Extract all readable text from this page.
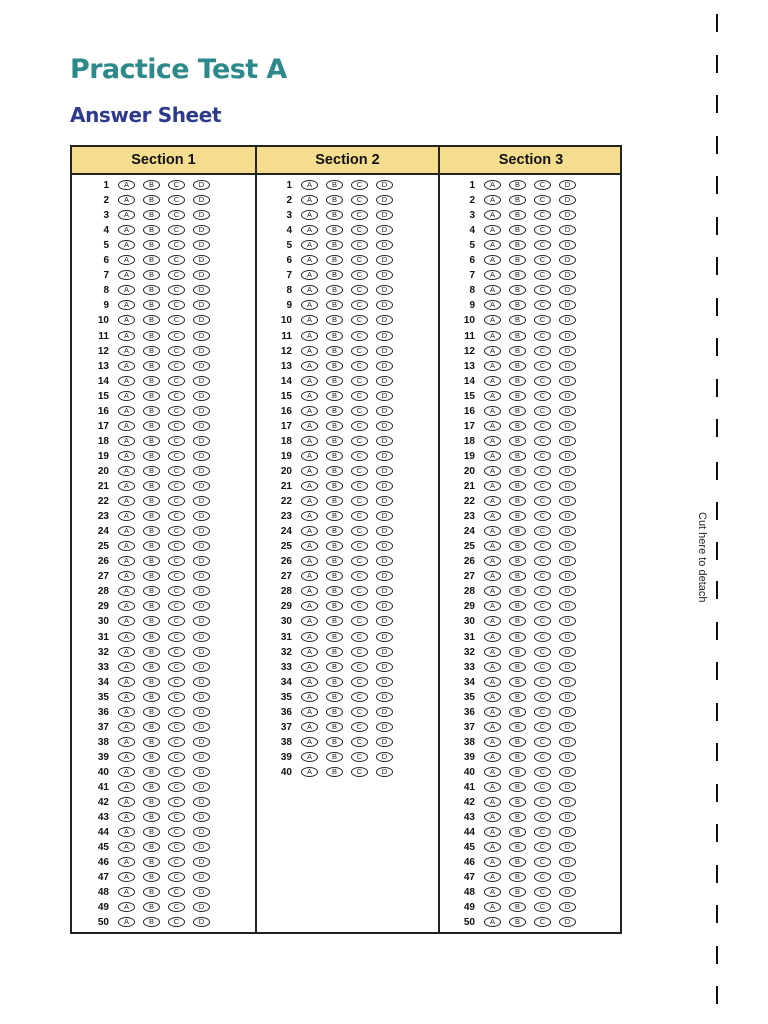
Practice Test A
Answer Sheet
Section 1	Section 2	Section 3
1	A	B	C	D
2	A	B	C	D
3	A	B	C	D
4	A	B	C	D
5	A	B	C	D
6	A	B	C	D
7	A	B	C	D
8	A	B	C	D
9	A	B	C	D
10	A	B	C	D
11	A	B	C	D
12	A	B	C	D
13	A	B	C	D
14	A	B	C	D
15	A	B	C	D
16	A	B	C	D
17	A	B	C	D
18	A	B	C	D
19	A	B	C	D
20	A	B	C	D
21	A	B	C	D
22	A	B	C	D
23	A	B	C	D
24	A	B	C	D
25	A	B	C	D
26	A	B	C	D
27	A	B	C	D
28	A	B	C	D
29	A	B	C	D
30	A	B	C	D
31	A	B	C	D
32	A	B	C	D
33	A	B	C	D
34	A	B	C	D
35	A	B	C	D
36	A	B	C	D
37	A	B	C	D
38	A	B	C	D
39	A	B	C	D
40	A	B	C	D
41	A	B	C	D
42	A	B	C	D
43	A	B	C	D
44	A	B	C	D
45	A	B	C	D
46	A	B	C	D
47	A	B	C	D
48	A	B	C	D
49	A	B	C	D
50	A	B	C	D
1	A	B	C	D
2	A	B	C	D
3	A	B	C	D
4	A	B	C	D
5	A	B	C	D
6	A	B	C	D
7	A	B	C	D
8	A	B	C	D
9	A	B	C	D
10	A	B	C	D
11	A	B	C	D
12	A	B	C	D
13	A	B	C	D
14	A	B	C	D
15	A	B	C	D
16	A	B	C	D
17	A	B	C	D
18	A	B	C	D
19	A	B	C	D
20	A	B	C	D
21	A	B	C	D
22	A	B	C	D
23	A	B	C	D
24	A	B	C	D
25	A	B	C	D
26	A	B	C	D
27	A	B	C	D
28	A	B	C	D
29	A	B	C	D
30	A	B	C	D
31	A	B	C	D
32	A	B	C	D
33	A	B	C	D
34	A	B	C	D
35	A	B	C	D
36	A	B	C	D
37	A	B	C	D
38	A	B	C	D
39	A	B	C	D
40	A	B	C	D
1	A	B	C	D
2	A	B	C	D
3	A	B	C	D
4	A	B	C	D
5	A	B	C	D
6	A	B	C	D
7	A	B	C	D
8	A	B	C	D
9	A	B	C	D
10	A	B	C	D
11	A	B	C	D
12	A	B	C	D
13	A	B	C	D
14	A	B	C	D
15	A	B	C	D
16	A	B	C	D
17	A	B	C	D
18	A	B	C	D
19	A	B	C	D
20	A	B	C	D
21	A	B	C	D
22	A	B	C	D
23	A	B	C	D
24	A	B	C	D
25	A	B	C	D
26	A	B	C	D
27	A	B	C	D
28	A	B	C	D
29	A	B	C	D
30	A	B	C	D
31	A	B	C	D
32	A	B	C	D
33	A	B	C	D
34	A	B	C	D
35	A	B	C	D
36	A	B	C	D
37	A	B	C	D
38	A	B	C	D
39	A	B	C	D
40	A	B	C	D
41	A	B	C	D
42	A	B	C	D
43	A	B	C	D
44	A	B	C	D
45	A	B	C	D
46	A	B	C	D
47	A	B	C	D
48	A	B	C	D
49	A	B	C	D
50	A	B	C	D
Cut here to detach
